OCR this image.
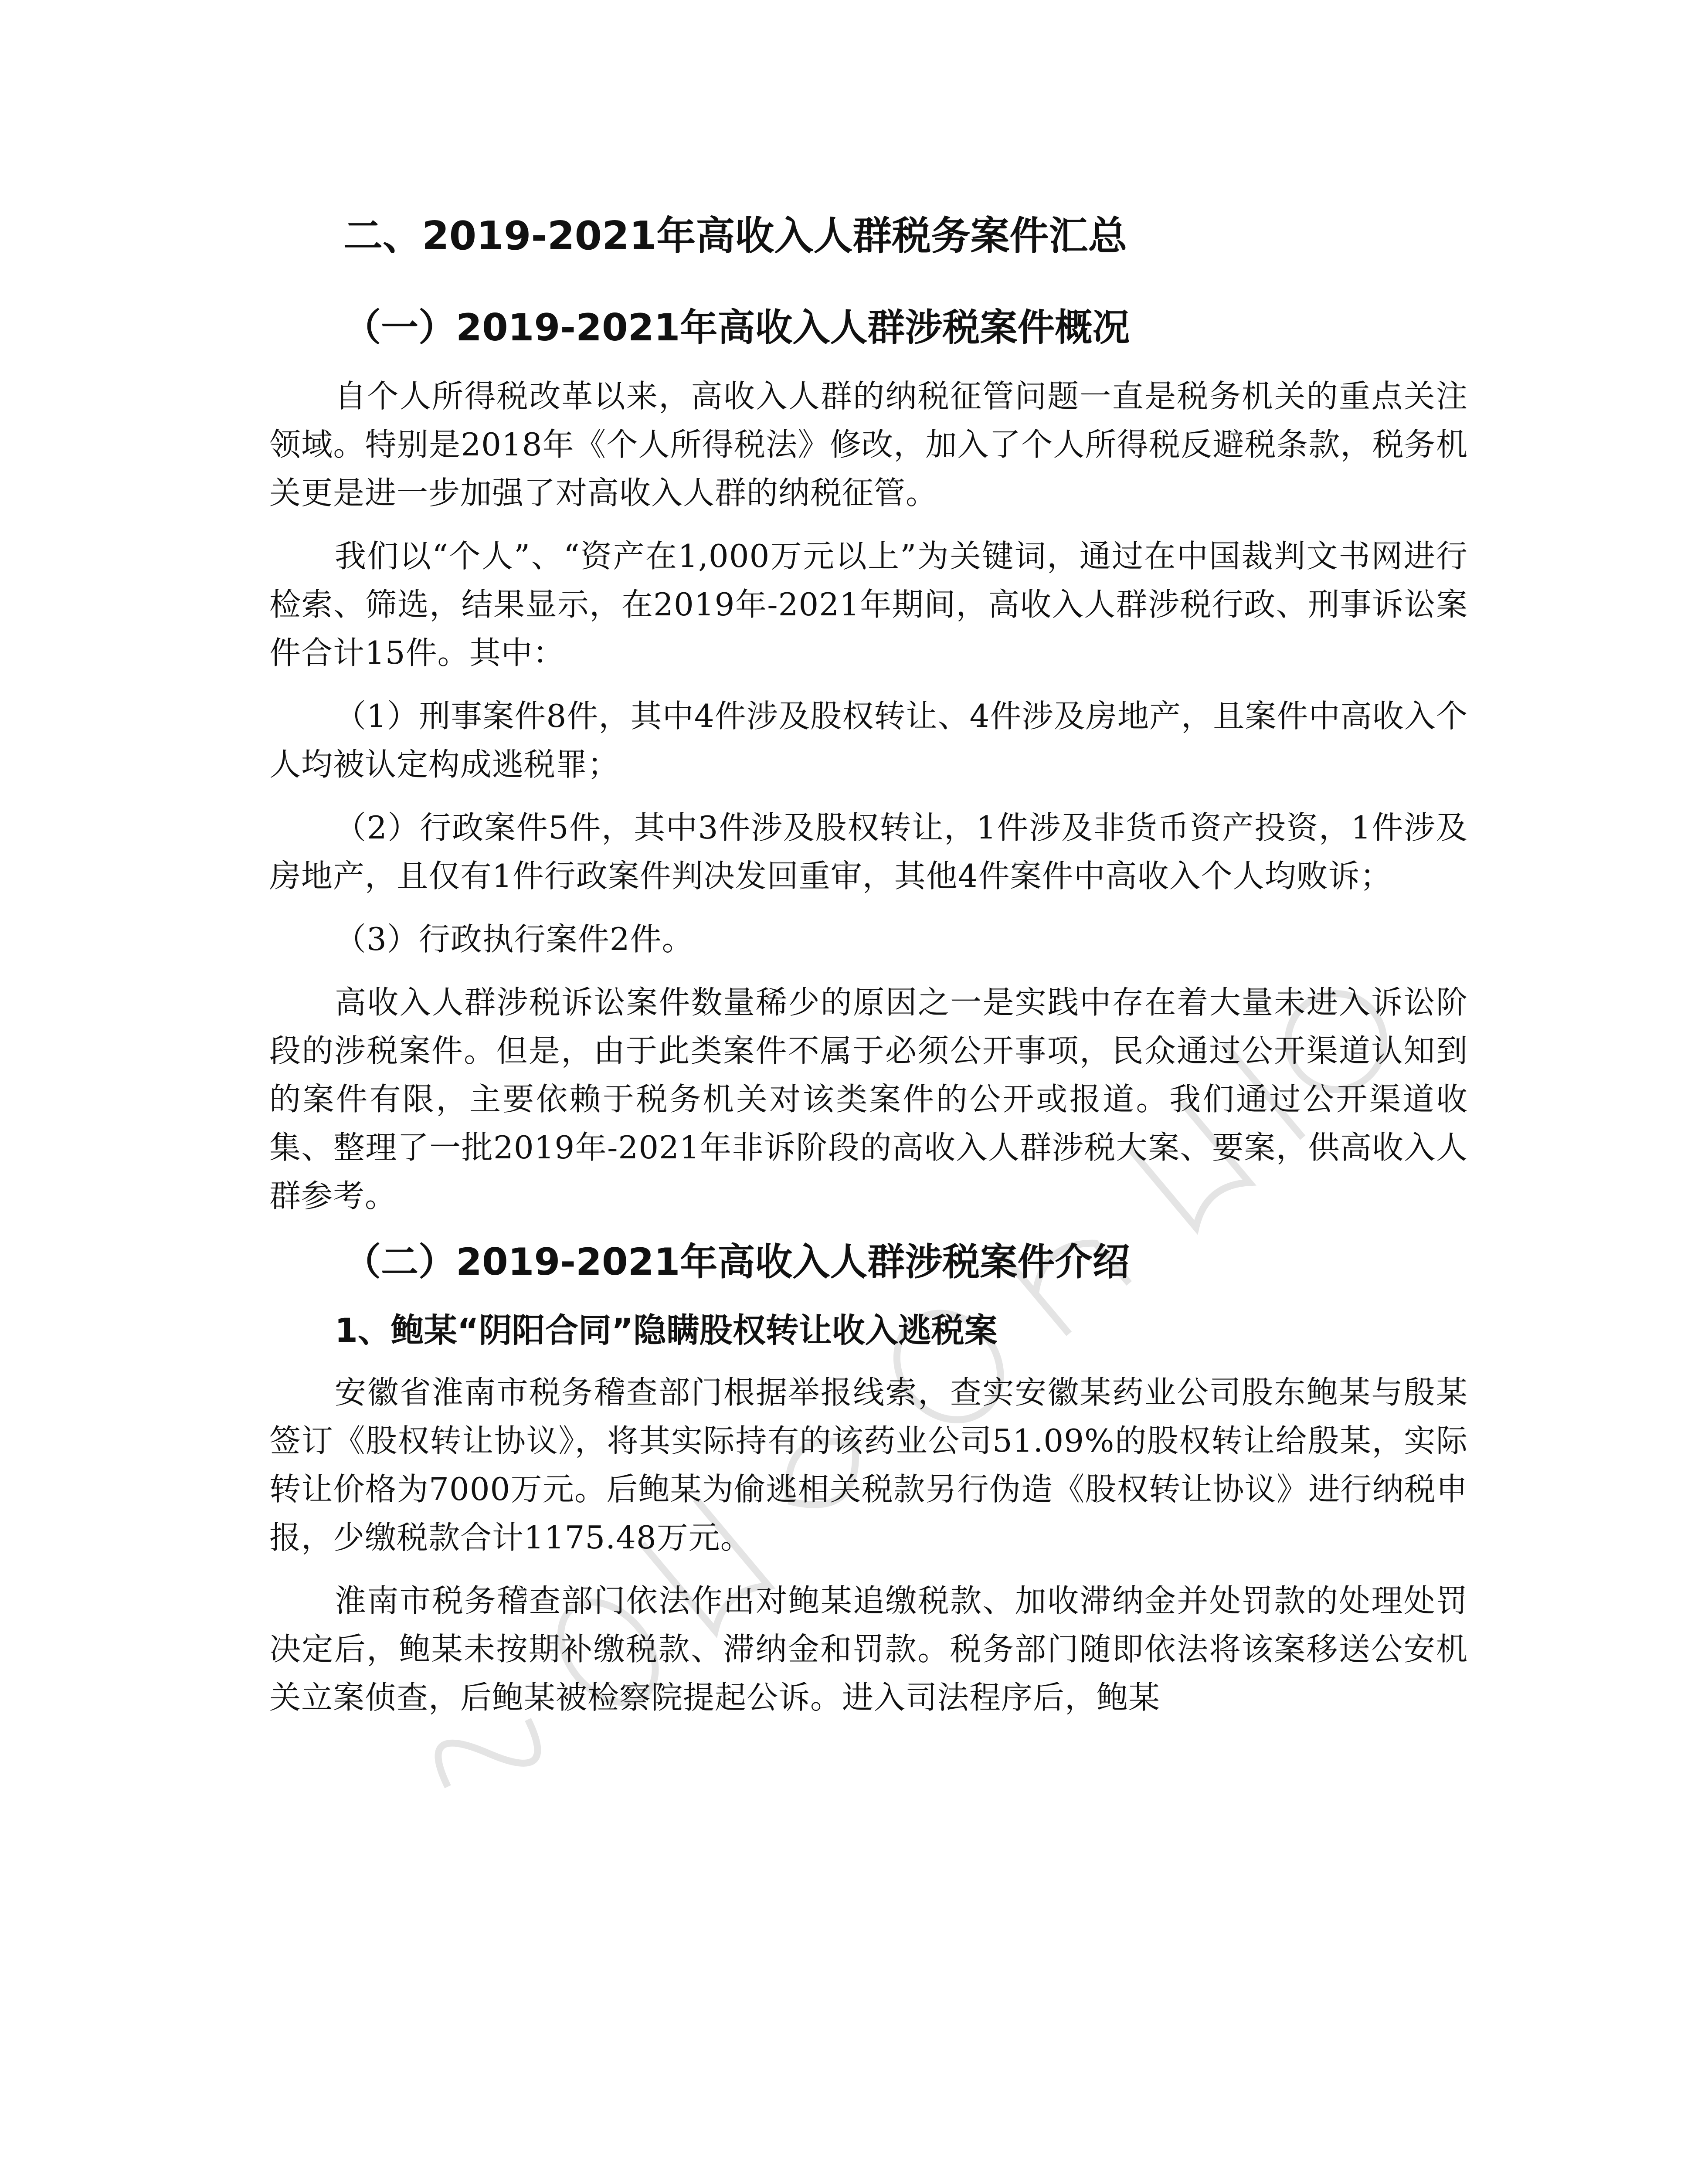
二、2019-2021年高收入人群税务案件汇总
（一）2019-2021年高收入人群涉税案件概况

自个人所得税改革以来，高收入人群的纳税征管问题一直是税务机关的重点关注领域。特别是2018年《个人所得税法》修改，加入了个人所得税反避税条款，税务机关更是进一步加强了对高收入人群的纳税征管。

我们以“个人”、“资产在1,000万元以上”为关键词，通过在中国裁判文书网进行检索、筛选，结果显示，在2019年-2021年期间，高收入人群涉税行政、刑事诉讼案件合计15件。其中：

（1）刑事案件8件，其中4件涉及股权转让、4件涉及房地产，且案件中高收入个人均被认定构成逃税罪；

（2）行政案件5件，其中3件涉及股权转让，1件涉及非货币资产投资，1件涉及房地产，且仅有1件行政案件判决发回重审，其他4件案件中高收入个人均败诉；

（3）行政执行案件2件。

高收入人群涉税诉讼案件数量稀少的原因之一是实践中存在着大量未进入诉讼阶段的涉税案件。但是，由于此类案件不属于必须公开事项，民众通过公开渠道认知到的案件有限，主要依赖于税务机关对该类案件的公开或报道。我们通过公开渠道收集、整理了一批2019年-2021年非诉阶段的高收入人群涉税大案、要案，供高收入人群参考。

（二）2019-2021年高收入人群涉税案件介绍
1、鲍某“阴阳合同”隐瞒股权转让收入逃税案

安徽省淮南市税务稽查部门根据举报线索，查实安徽某药业公司股东鲍某与殷某签订《股权转让协议》，将其实际持有的该药业公司51.09%的股权转让给殷某，实际转让价格为7000万元。后鲍某为偷逃相关税款另行伪造《股权转让协议》进行纳税申报，少缴税款合计1175.48万元。

淮南市税务稽查部门依法作出对鲍某追缴税款、加收滞纳金并处罚款的处理处罚决定后，鲍某未按期补缴税款、滞纳金和罚款。税务部门随即依法将该案移送公安机关立案侦查，后鲍某被检察院提起公诉。进入司法程序后，鲍某
